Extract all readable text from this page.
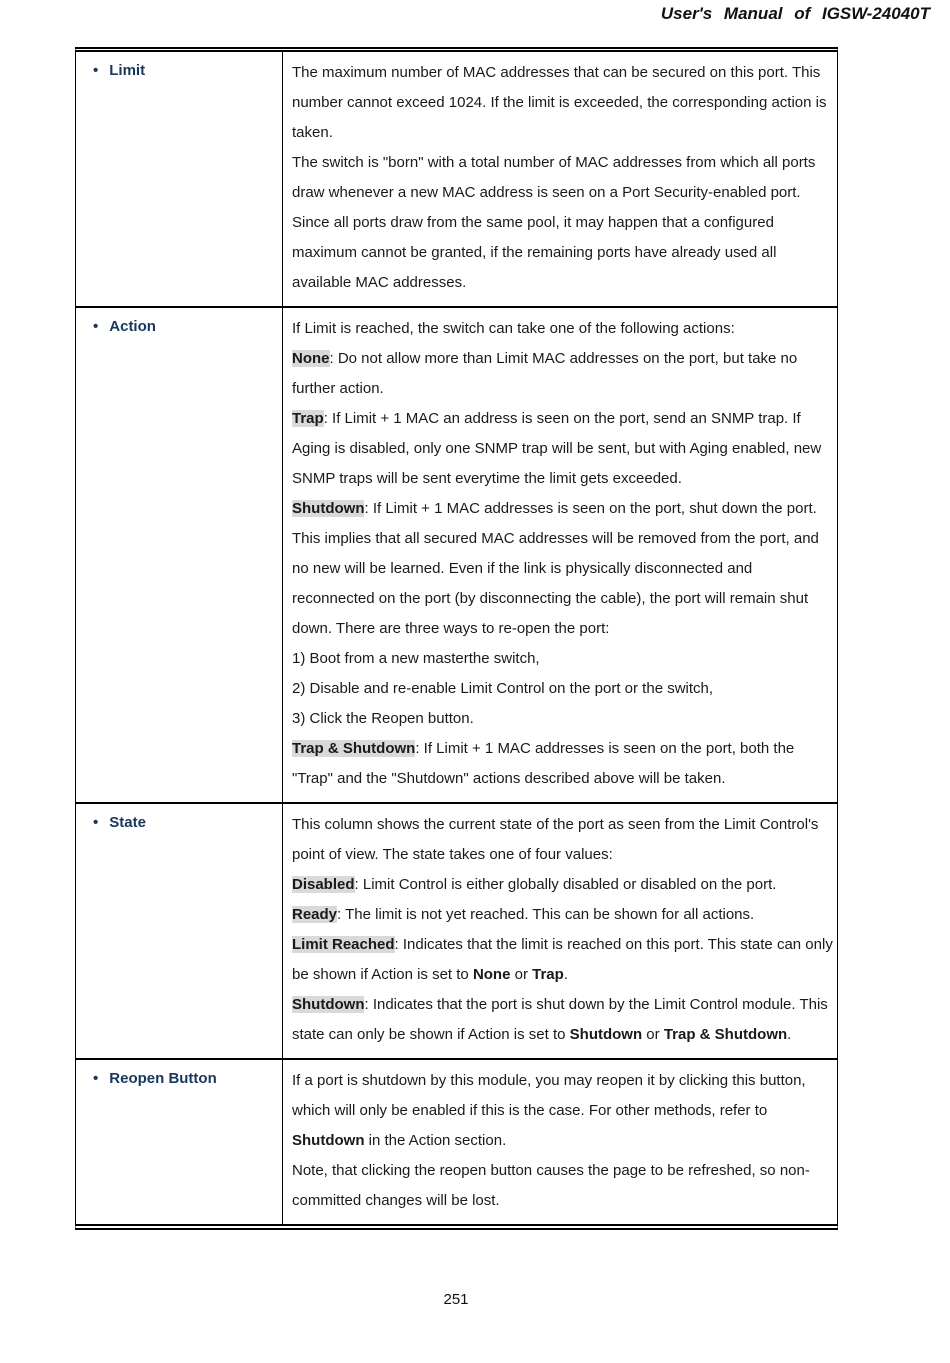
User's Manual of IGSW-24040T
• Limit	The maximum number of MAC addresses that can be secured on this port. This number cannot exceed 1024. If the limit is exceeded, the corresponding action is taken.
The switch is "born" with a total number of MAC addresses from which all ports draw whenever a new MAC address is seen on a Port Security-enabled port. Since all ports draw from the same pool, it may happen that a configured maximum cannot be granted, if the remaining ports have already used all available MAC addresses.
• Action	If Limit is reached, the switch can take one of the following actions:
None: Do not allow more than Limit MAC addresses on the port, but take no further action.
Trap: If Limit + 1 MAC an address is seen on the port, send an SNMP trap. If Aging is disabled, only one SNMP trap will be sent, but with Aging enabled, new SNMP traps will be sent everytime the limit gets exceeded.
Shutdown: If Limit + 1 MAC addresses is seen on the port, shut down the port. This implies that all secured MAC addresses will be removed from the port, and no new will be learned. Even if the link is physically disconnected and reconnected on the port (by disconnecting the cable), the port will remain shut down. There are three ways to re-open the port:
1) Boot from a new masterthe switch,
2) Disable and re-enable Limit Control on the port or the switch,
3) Click the Reopen button.
Trap & Shutdown: If Limit + 1 MAC addresses is seen on the port, both the "Trap" and the "Shutdown" actions described above will be taken.
• State	This column shows the current state of the port as seen from the Limit Control's point of view. The state takes one of four values:
Disabled: Limit Control is either globally disabled or disabled on the port.
Ready: The limit is not yet reached. This can be shown for all actions.
Limit Reached: Indicates that the limit is reached on this port. This state can only be shown if Action is set to None or Trap.
Shutdown: Indicates that the port is shut down by the Limit Control module. This state can only be shown if Action is set to Shutdown or Trap & Shutdown.
• Reopen Button	If a port is shutdown by this module, you may reopen it by clicking this button, which will only be enabled if this is the case. For other methods, refer to Shutdown in the Action section.
Note, that clicking the reopen button causes the page to be refreshed, so non-committed changes will be lost.
251
